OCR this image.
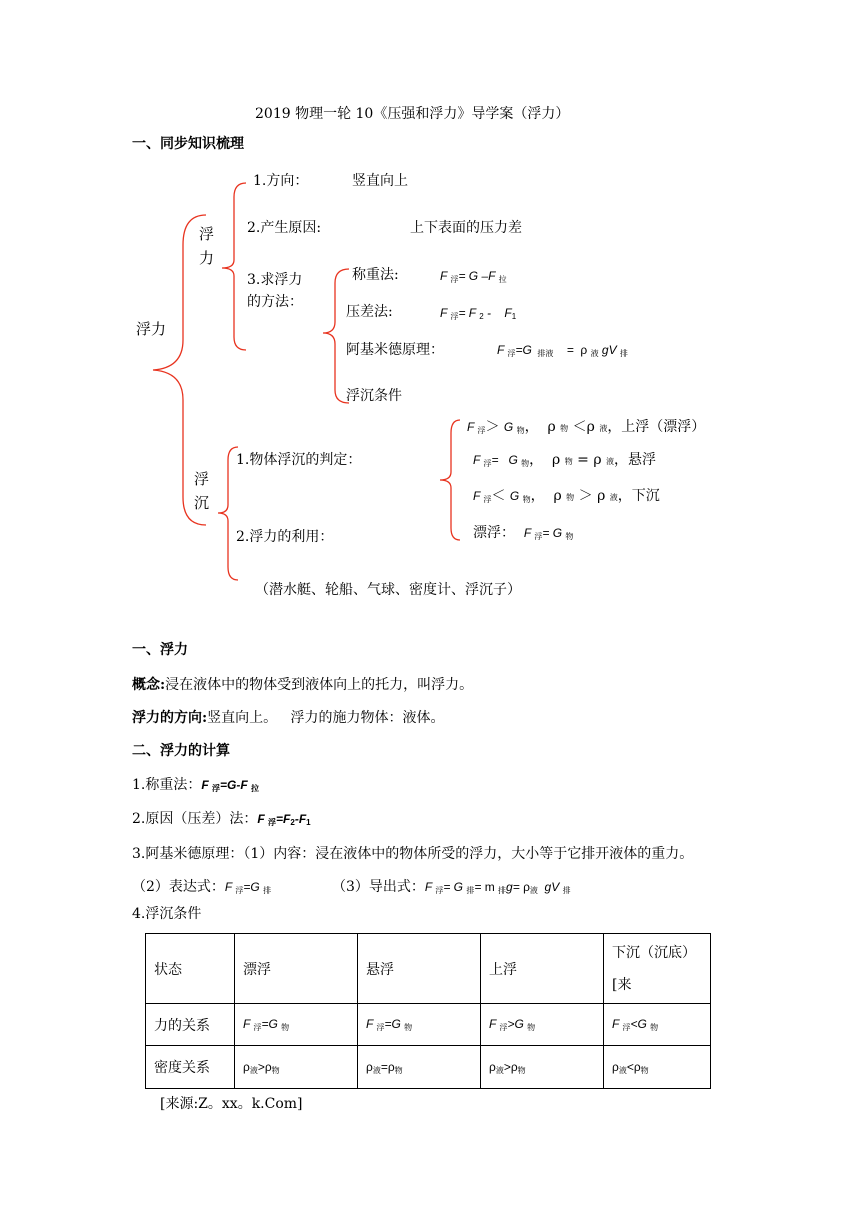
2019 物理一轮 10《压强和浮力》导学案（浮力）
一、同步知识梳理
浮力
浮
力
1.方向：	竖直向上
2.产生原因:	上下表面的压力差
3.求浮力
的方法：
称重法:	F $_浮$= G –F $_拉$
压差法:	F $_浮$= F $_2$ -    $F_1$
阿基米德原理：	F $_浮$=G  $_{排液}$    =  ρ $_液$ gV $_排$
浮沉条件
浮
沉
1.物体浮沉的判定：
2.浮力的利用：
（潜水艇、轮船、气球、密度计、浮沉子）
F $_浮$＞ G $_物$，  ρ 物 ＜ρ 液，上浮（漂浮）
F $_浮$=   G $_物$，  ρ 物 = ρ 液，悬浮
F $_浮$＜ G $_物$，  ρ 物 ＞ ρ 液，下沉
漂浮： F $_浮$= G $_物$
一、浮力
概念:浸在液体中的物体受到液体向上的托力，叫浮力。
浮力的方向:竖直向上。   浮力的施力物体：液体。
二、浮力的计算
1.称重法：F $_浮$=G-F $_拉$
2.原因（压差）法：F $_浮=F_2-F_1$
3.阿基米德原理：（1）内容：浸在液体中的物体所受的浮力，大小等于它排开液体的重力。
（2）表达式：F $_浮$=G $_排$	（3）导出式：F $_浮$= G $_排$= m $_排g= \rho_液$  gV $_排$
4.浮沉条件
状态	漂浮	悬浮	上浮	下沉（沉底）
[来
力的关系	F $_浮$=G $_物$	F $_浮$=G $_物$	F $_浮$>G $_物$	F $_浮$<G $_物$
密度关系	$\rho_液>\rho_物$	$\rho_液=\rho_物$	$\rho_液>\rho_物$	$\rho_液<\rho_物$
[来源:Z。xx。k.Com]
